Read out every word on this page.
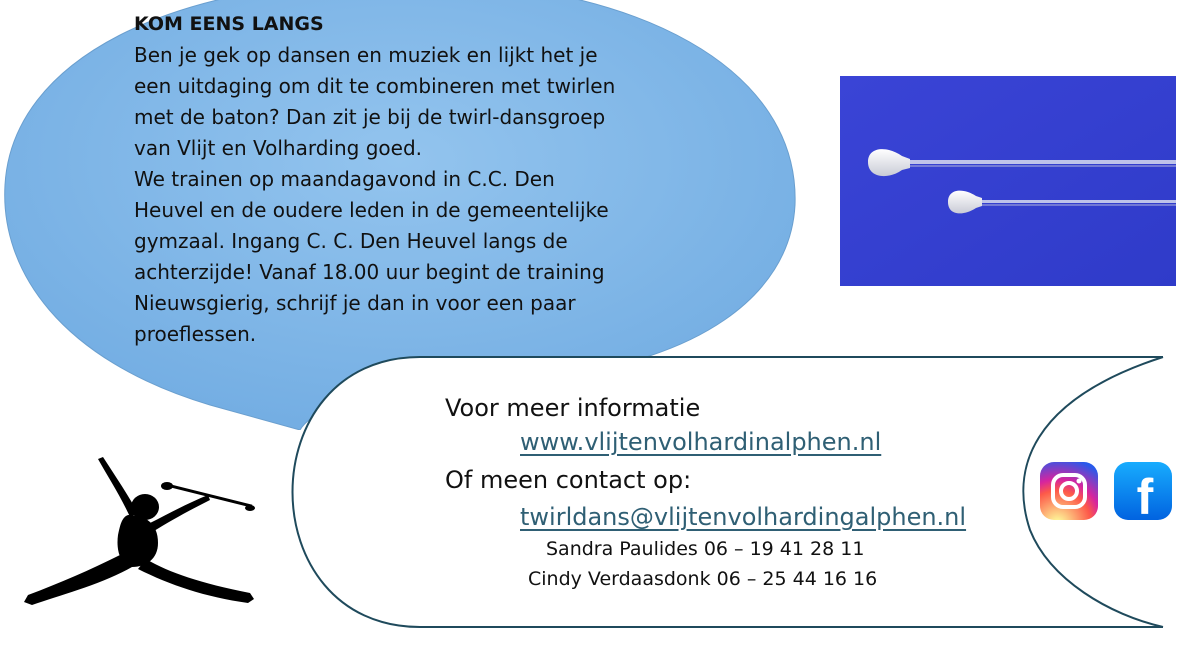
KOM EENS LANGS

Ben je gek op dansen en muziek en lijkt het je

een uitdaging om dit te combineren met twirlen

met de baton? Dan zit je bij de twirl-dansgroep

van Vlijt en Volharding goed.

We trainen op maandagavond in C.C. Den

Heuvel en de oudere leden in de gemeentelijke

gymzaal. Ingang C. C. Den Heuvel langs de

achterzijde! Vanaf 18.00 uur begint de training

Nieuwsgierig, schrijf je dan in voor een paar

proeflessen.

Voor meer informatie
www.vlijtenvolhardinalphen.nl
Of meen contact op:
twirldans@vlijtenvolhardingalphen.nl
Sandra Paulides 06 – 19 41 28 11
Cindy Verdaasdonk 06 – 25 44 16 16
f
